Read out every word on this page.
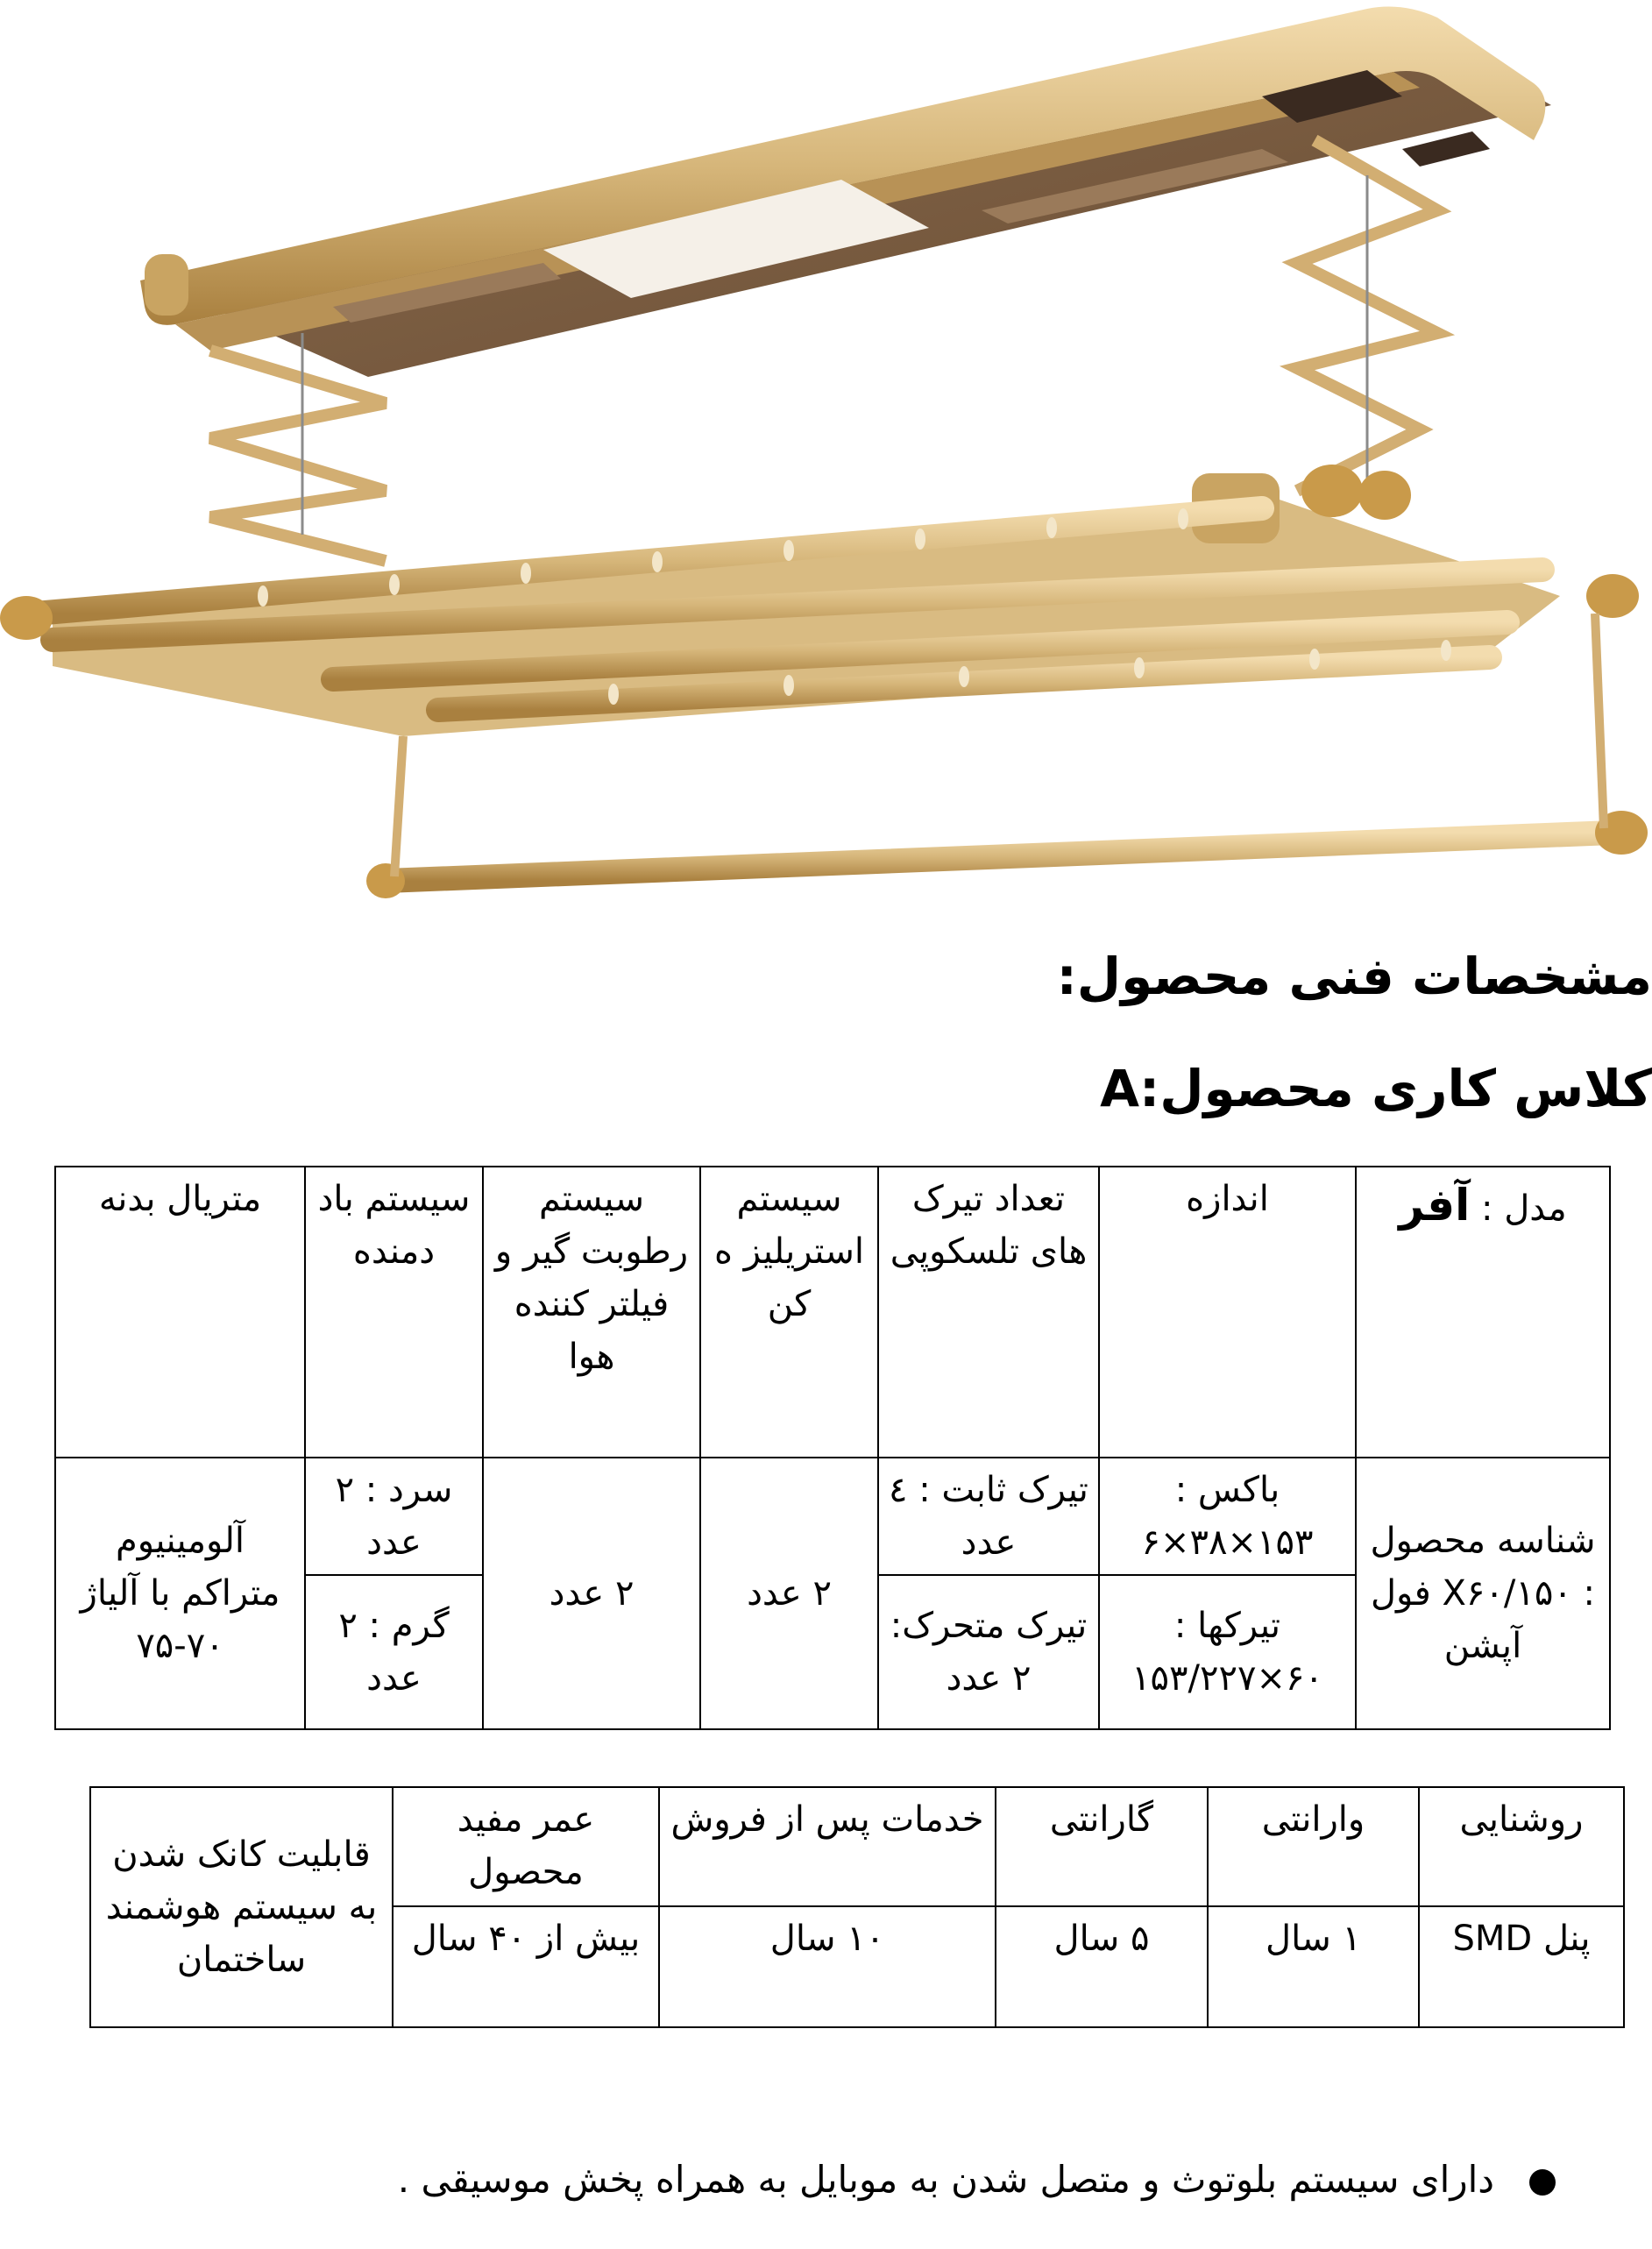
مشخصات فنی محصول:
کلاس کاری محصول:A
مدل : آفر	اندازه	تعداد تیرک های تلسکوپی	سیستم استریلیز ه کن	سیستم رطوبت گیر و فیلتر کننده هوا	سیستم باد دمنده	متریال بدنه
شناسه محصول : ۱۵۰/X۶۰ فول آپشن	باکس : ۱۵۳×۳۸×۶	تیرک ثابت : ٤ عدد	۲ عدد	۲ عدد	سرد : ۲ عدد	آلومینیوم متراکم با آلیاژ ۷۰-۷۵
	تیرکها : ۶۰×۱۵۳/۲۲۷	تیرک متحرک: ۲ عدد			گرم : ۲ عدد	
روشنایی	وارانتی	گارانتی	خدمات پس از فروش	عمر مفید محصول	قابلیت کانک شدن به سیستم هوشمند ساختمان
پنل SMD	۱ سال	۵ سال	۱۰ سال	بیش از ۴۰ سال	
دارای سیستم بلوتوث و متصل شدن به موبایل به همراه پخش موسیقی .
